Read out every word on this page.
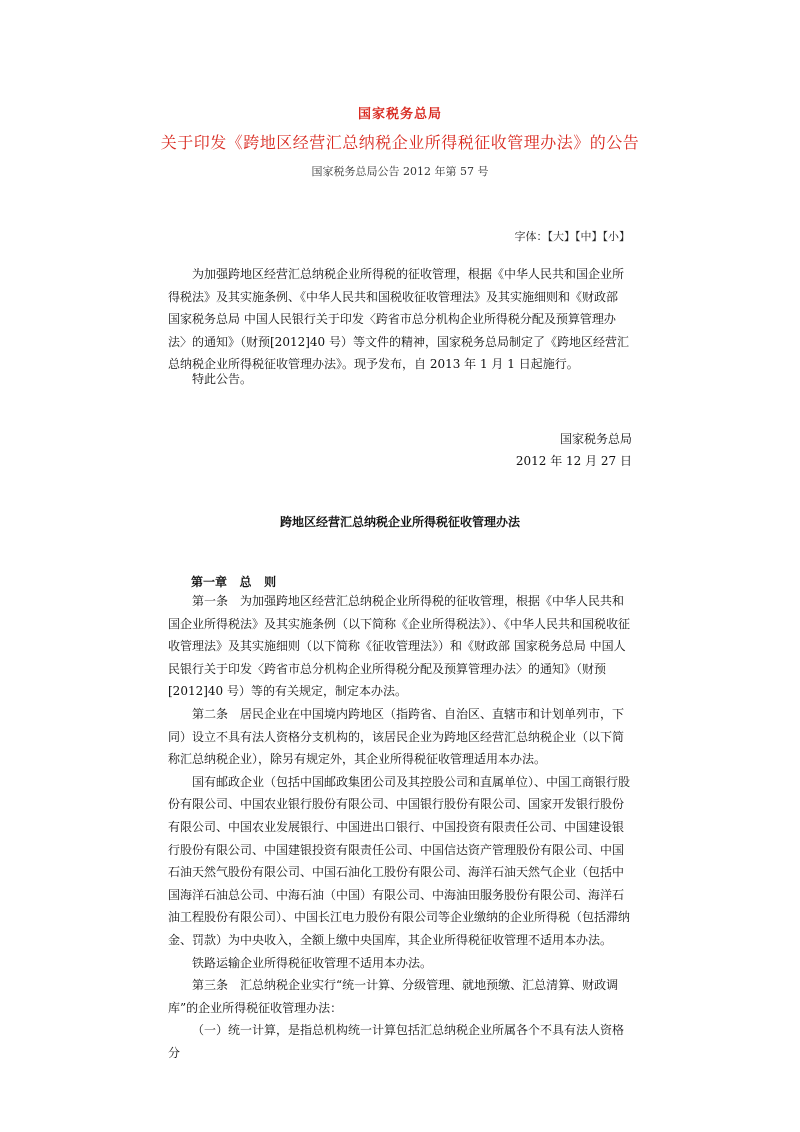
国家税务总局
关于印发《跨地区经营汇总纳税企业所得税征收管理办法》的公告
国家税务总局公告 2012 年第 57 号
字体：【大】【中】【小】

为加强跨地区经营汇总纳税企业所得税的征收管理，根据《中华人民共和国企业所得税法》及其实施条例、《中华人民共和国税收征收管理法》及其实施细则和《财政部 国家税务总局 中国人民银行关于印发〈跨省市总分机构企业所得税分配及预算管理办法〉的通知》（财预[2012]40 号）等文件的精神，国家税务总局制定了《跨地区经营汇总纳税企业所得税征收管理办法》。现予发布，自 2013 年 1 月 1 日起施行。

特此公告。

国家税务总局
2012 年 12 月 27 日
跨地区经营汇总纳税企业所得税征收管理办法
第一章   总   则

第一条　为加强跨地区经营汇总纳税企业所得税的征收管理，根据《中华人民共和国企业所得税法》及其实施条例（以下简称《企业所得税法》）、《中华人民共和国税收征收管理法》及其实施细则（以下简称《征收管理法》）和《财政部 国家税务总局 中国人民银行关于印发〈跨省市总分机构企业所得税分配及预算管理办法〉的通知》（财预[2012]40 号）等的有关规定，制定本办法。

第二条　居民企业在中国境内跨地区（指跨省、自治区、直辖市和计划单列市，下同）设立不具有法人资格分支机构的，该居民企业为跨地区经营汇总纳税企业（以下简称汇总纳税企业），除另有规定外，其企业所得税征收管理适用本办法。

国有邮政企业（包括中国邮政集团公司及其控股公司和直属单位）、中国工商银行股份有限公司、中国农业银行股份有限公司、中国银行股份有限公司、国家开发银行股份有限公司、中国农业发展银行、中国进出口银行、中国投资有限责任公司、中国建设银行股份有限公司、中国建银投资有限责任公司、中国信达资产管理股份有限公司、中国石油天然气股份有限公司、中国石油化工股份有限公司、海洋石油天然气企业（包括中国海洋石油总公司、中海石油（中国）有限公司、中海油田服务股份有限公司、海洋石油工程股份有限公司）、中国长江电力股份有限公司等企业缴纳的企业所得税（包括滞纳金、罚款）为中央收入，全额上缴中央国库，其企业所得税征收管理不适用本办法。

铁路运输企业所得税征收管理不适用本办法。

第三条　汇总纳税企业实行“统一计算、分级管理、就地预缴、汇总清算、财政调库”的企业所得税征收管理办法：

（一）统一计算，是指总机构统一计算包括汇总纳税企业所属各个不具有法人资格分
